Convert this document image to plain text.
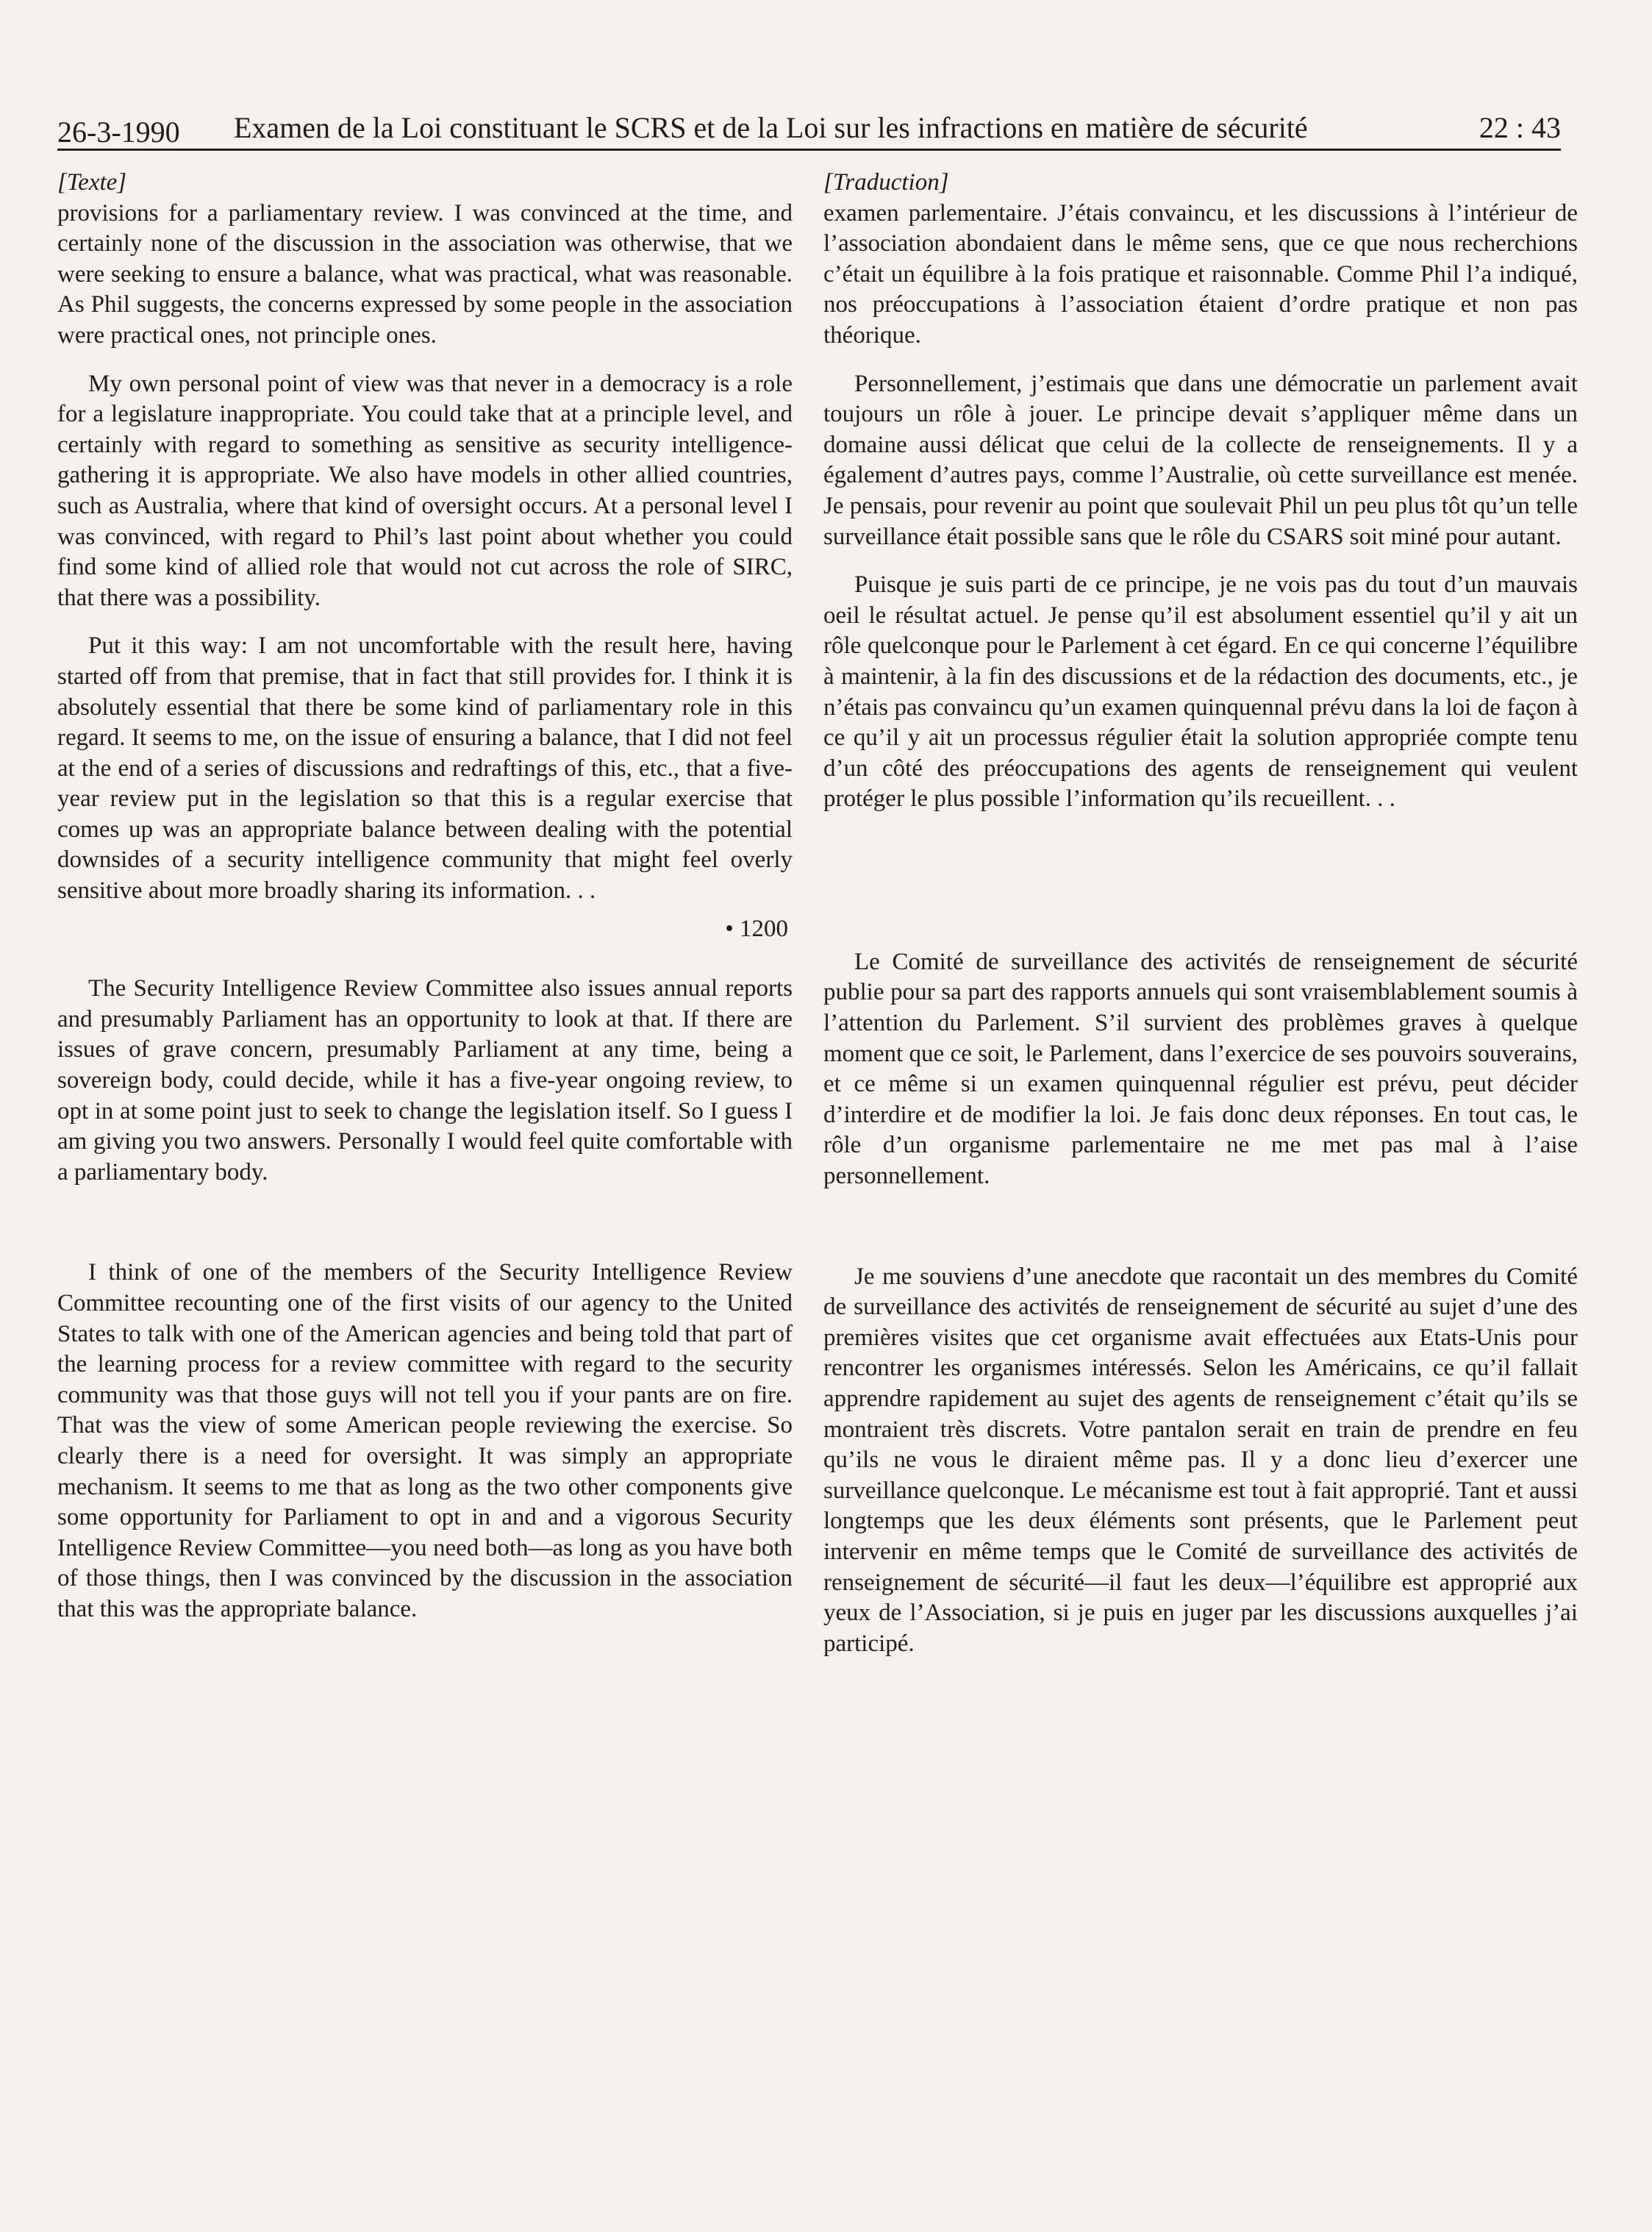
26-3-1990 Examen de la Loi constituant le SCRS et de la Loi sur les infractions en matière de sécurité	22 : 43

[Texte]

provisions for a parliamentary review. I was convinced at the time, and certainly none of the discussion in the association was otherwise, that we were seeking to ensure a balance, what was practical, what was reasonable. As Phil suggests, the concerns expressed by some people in the association were practical ones, not principle ones.

My own personal point of view was that never in a democracy is a role for a legislature inappropriate. You could take that at a principle level, and certainly with regard to something as sensitive as security intelligence-gathering it is appropriate. We also have models in other allied countries, such as Australia, where that kind of oversight occurs. At a personal level I was convinced, with regard to Phil’s last point about whether you could find some kind of allied role that would not cut across the role of SIRC, that there was a possibility.

Put it this way: I am not uncomfortable with the result here, having started off from that premise, that in fact that still provides for. I think it is absolutely essential that there be some kind of parliamentary role in this regard. It seems to me, on the issue of ensuring a balance, that I did not feel at the end of a series of discussions and redraftings of this, etc., that a five-year review put in the legislation so that this is a regular exercise that comes up was an appropriate balance between dealing with the potential downsides of a security intelligence community that might feel overly sensitive about more broadly sharing its information. . .

• 1200

The Security Intelligence Review Committee also issues annual reports and presumably Parliament has an opportunity to look at that. If there are issues of grave concern, presumably Parliament at any time, being a sovereign body, could decide, while it has a five-year ongoing review, to opt in at some point just to seek to change the legislation itself. So I guess I am giving you two answers. Personally I would feel quite comfortable with a parliamentary body.

I think of one of the members of the Security Intelligence Review Committee recounting one of the first visits of our agency to the United States to talk with one of the American agencies and being told that part of the learning process for a review committee with regard to the security community was that those guys will not tell you if your pants are on fire. That was the view of some American people reviewing the exercise. So clearly there is a need for oversight. It was simply an appropriate mechanism. It seems to me that as long as the two other components give some opportunity for Parliament to opt in and and a vigorous Security Intelligence Review Committee—you need both—as long as you have both of those things, then I was convinced by the discussion in the association that this was the appropriate balance.

[Traduction]

examen parlementaire. J’étais convaincu, et les discussions à l’intérieur de l’association abondaient dans le même sens, que ce que nous recherchions c’était un équilibre à la fois pratique et raisonnable. Comme Phil l’a indiqué, nos préoccupations à l’association étaient d’ordre pratique et non pas théorique.

Personnellement, j’estimais que dans une démocratie un parlement avait toujours un rôle à jouer. Le principe devait s’appliquer même dans un domaine aussi délicat que celui de la collecte de renseignements. Il y a également d’autres pays, comme l’Australie, où cette surveillance est menée. Je pensais, pour revenir au point que soulevait Phil un peu plus tôt qu’un telle surveillance était possible sans que le rôle du CSARS soit miné pour autant.

Puisque je suis parti de ce principe, je ne vois pas du tout d’un mauvais oeil le résultat actuel. Je pense qu’il est absolument essentiel qu’il y ait un rôle quelconque pour le Parlement à cet égard. En ce qui concerne l’équilibre à maintenir, à la fin des discussions et de la rédaction des documents, etc., je n’étais pas convaincu qu’un examen quinquennal prévu dans la loi de façon à ce qu’il y ait un processus régulier était la solution appropriée compte tenu d’un côté des préoccupations des agents de renseignement qui veulent protéger le plus possible l’information qu’ils recueillent. . .

Le Comité de surveillance des activités de renseignement de sécurité publie pour sa part des rapports annuels qui sont vraisemblablement soumis à l’attention du Parlement. S’il survient des problèmes graves à quelque moment que ce soit, le Parlement, dans l’exercice de ses pouvoirs souverains, et ce même si un examen quinquennal régulier est prévu, peut décider d’interdire et de modifier la loi. Je fais donc deux réponses. En tout cas, le rôle d’un organisme parlementaire ne me met pas mal à l’aise personnellement.

Je me souviens d’une anecdote que racontait un des membres du Comité de surveillance des activités de renseignement de sécurité au sujet d’une des premières visites que cet organisme avait effectuées aux Etats-Unis pour rencontrer les organismes intéressés. Selon les Américains, ce qu’il fallait apprendre rapidement au sujet des agents de renseignement c’était qu’ils se montraient très discrets. Votre pantalon serait en train de prendre en feu qu’ils ne vous le diraient même pas. Il y a donc lieu d’exercer une surveillance quelconque. Le mécanisme est tout à fait approprié. Tant et aussi longtemps que les deux éléments sont présents, que le Parlement peut intervenir en même temps que le Comité de surveillance des activités de renseignement de sécurité—il faut les deux—l’équilibre est approprié aux yeux de l’Association, si je puis en juger par les discussions auxquelles j’ai participé.
